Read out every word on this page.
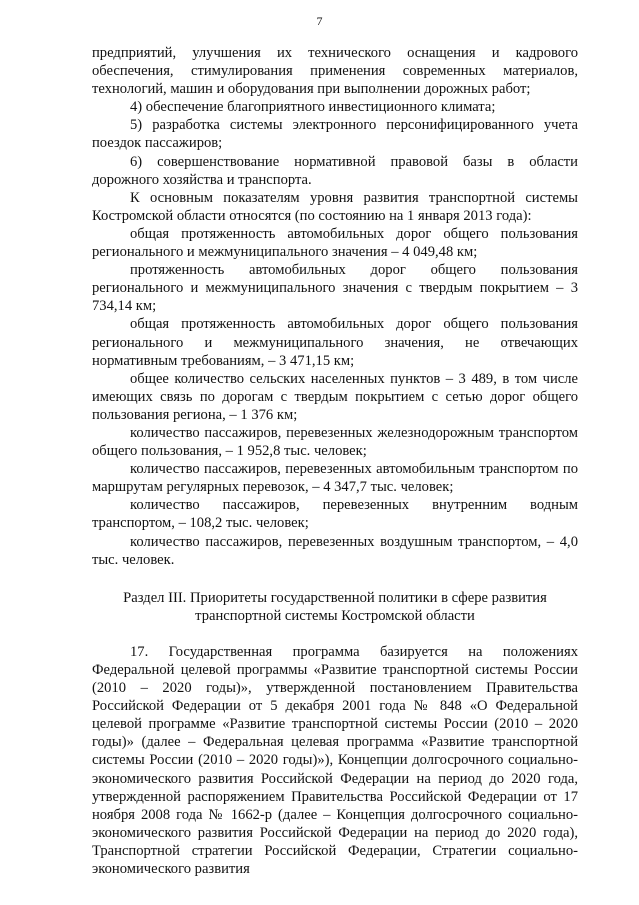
7

предприятий, улучшения их технического оснащения и кадрового обеспечения, стимулирования применения современных материалов, технологий, машин и оборудования при выполнении дорожных работ;

4) обеспечение благоприятного инвестиционного климата;

5) разработка системы электронного персонифицированного учета поездок пассажиров;

6) совершенствование нормативной правовой базы в области дорожного хозяйства и транспорта.

К основным показателям уровня развития транспортной системы Костромской области относятся (по состоянию на 1 января 2013 года):

общая протяженность автомобильных дорог общего пользования регионального и межмуниципального значения – 4 049,48 км;

протяженность автомобильных дорог общего пользования регионального и межмуниципального значения с твердым покрытием – 3 734,14 км;

общая протяженность автомобильных дорог общего пользования регионального и межмуниципального значения, не отвечающих нормативным требованиям, – 3 471,15 км;

общее количество сельских населенных пунктов – 3 489, в том числе имеющих связь по дорогам с твердым покрытием с сетью дорог общего пользования региона, – 1 376 км;

количество пассажиров, перевезенных железнодорожным транспортом общего пользования, – 1 952,8 тыс. человек;

количество пассажиров, перевезенных автомобильным транспортом по маршрутам регулярных перевозок, – 4 347,7 тыс. человек;

количество пассажиров, перевезенных внутренним водным транспортом, – 108,2 тыс. человек;

количество пассажиров, перевезенных воздушным транспортом, – 4,0 тыс. человек.

Раздел III. Приоритеты государственной политики в сфере развития
транспортной системы Костромской области

17. Государственная программа базируется на положениях Федеральной целевой программы «Развитие транспортной системы России (2010 – 2020 годы)», утвержденной постановлением Правительства Российской Федерации от 5 декабря 2001 года № 848 «О Федеральной целевой программе «Развитие транспортной системы России (2010 – 2020 годы)» (далее – Федеральная целевая программа «Развитие транспортной системы России (2010 – 2020 годы)»), Концепции долгосрочного социально-экономического развития Российской Федерации на период до 2020 года, утвержденной распоряжением Правительства Российской Федерации от 17 ноября 2008 года № 1662-р (далее – Концепция долгосрочного социально-экономического развития Российской Федерации на период до 2020 года), Транспортной стратегии Российской Федерации, Стратегии социально-экономического развития
